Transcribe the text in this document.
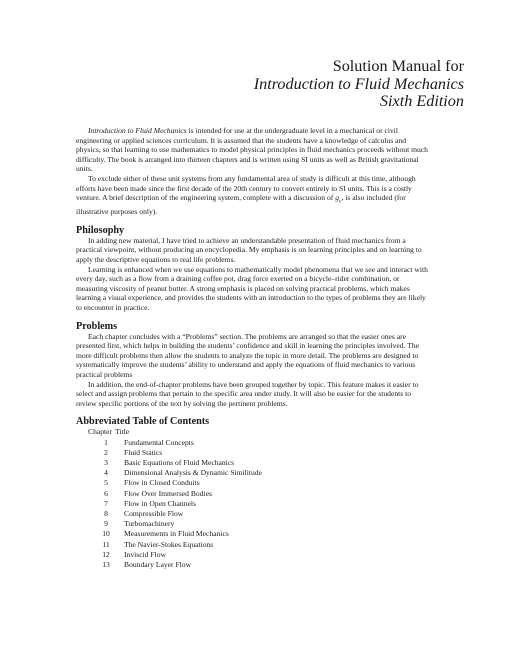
Solution Manual for
Introduction to Fluid Mechanics
Sixth Edition

Introduction to Fluid Mechanics is intended for use at the undergraduate level in a mechanical or civil engineering or applied sciences curriculum. It is assumed that the students have a knowledge of calculus and physics, so that learning to use mathematics to model physical principles in fluid mechanics proceeds without much difficulty. The book is arranged into thirteen chapters and is written using SI units as well as British gravitational units.

To exclude either of these unit systems from any fundamental area of study is difficult at this time, although efforts have been made since the first decade of the 20th century to convert entirely to SI units. This is a costly venture. A brief description of the engineering system, complete with a discussion of $g_c$, is also included (for illustrative purposes only).

Philosophy

In adding new material, I have tried to achieve an understandable presentation of fluid mechanics from a practical viewpoint, without producing an encyclopedia. My emphasis is on learning principles and on learning to apply the descriptive equations to real life problems.

Learning is enhanced when we use equations to mathematically model phenomena that we see and interact with every day, such as a flow from a draining coffee pot, drag force exerted on a bicycle–rider combination, or measuring viscosity of peanut butter. A strong emphasis is placed on solving practical problems, which makes learning a visual experience, and provides the students with an introduction to the types of problems they are likely to encounter in practice.

Problems

Each chapter concludes with a “Problems” section. The problems are arranged so that the easier ones are presented first, which helps in building the students’ confidence and skill in learning the principles involved. The more difficult problems then allow the students to analyze the topic in more detail. The problems are designed to systematically improve the students’ ability to understand and apply the equations of fluid mechanics to various practical problems

In addition, the end-of-chapter problems have been grouped together by topic. This feature makes it easier to select and assign problems that pertain to the specific area under study. It will also be easier for the students to review specific portions of the text by solving the pertinent problems.

Abbreviated Table of Contents
Chapter Title
1	Fundamental Concepts
2	Fluid Statics
3	Basic Equations of Fluid Mechanics
4	Dimensional Analysis & Dynamic Similitude
5	Flow in Closed Conduits
6	Flow Over Immersed Bodies
7	Flow in Open Channels
8	Compressible Flow
9	Turbomachinery
10	Measurements in Fluid Mechanics
11	The Navier-Stokes Equations
12	Inviscid Flow
13	Boundary Layer Flow
